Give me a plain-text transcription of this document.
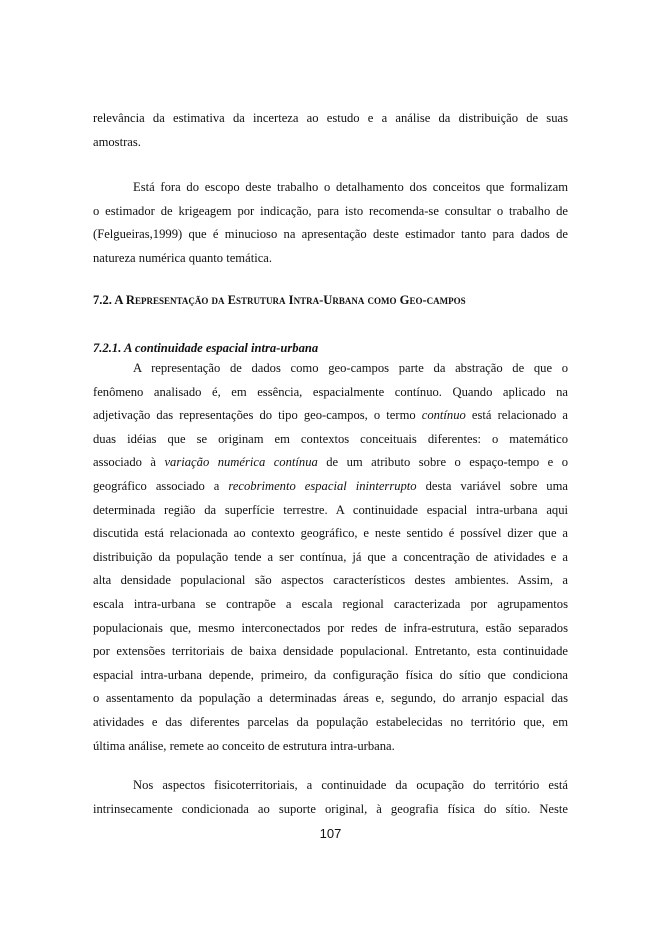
relevância da estimativa da incerteza ao estudo e a análise da distribuição de suas
amostras.
Está fora do escopo deste trabalho o detalhamento dos conceitos que formalizam
o estimador de krigeagem por indicação, para isto recomenda-se consultar o trabalho de
(Felgueiras,1999) que é minucioso na apresentação deste estimador tanto para dados de
natureza numérica quanto temática.
7.2. A Representação da Estrutura Intra-Urbana como Geo-campos
7.2.1. A continuidade espacial intra-urbana
A representação de dados como geo-campos parte da abstração de que o
fenômeno analisado é, em essência, espacialmente contínuo. Quando aplicado na
adjetivação das representações do tipo geo-campos, o termo contínuo está relacionado a
duas idéias que se originam em contextos conceituais diferentes: o matemático
associado à variação numérica contínua de um atributo sobre o espaço-tempo e o
geográfico associado a recobrimento espacial ininterrupto desta variável sobre uma
determinada região da superfície terrestre. A continuidade espacial intra-urbana aqui
discutida está relacionada ao contexto geográfico, e neste sentido é possível dizer que a
distribuição da população tende a ser contínua, já que a concentração de atividades e a
alta densidade populacional são aspectos característicos destes ambientes. Assim, a
escala intra-urbana se contrapõe a escala regional caracterizada por agrupamentos
populacionais que, mesmo interconectados por redes de infra-estrutura, estão separados
por extensões territoriais de baixa densidade populacional. Entretanto, esta continuidade
espacial intra-urbana depende, primeiro, da configuração física do sítio que condiciona
o assentamento da população a determinadas áreas e, segundo, do arranjo espacial das
atividades e das diferentes parcelas da população estabelecidas no território que, em
última análise, remete ao conceito de estrutura intra-urbana.
Nos aspectos fisicoterritoriais, a continuidade da ocupação do território está
intrinsecamente condicionada ao suporte original, à geografia física do sítio. Neste
107
